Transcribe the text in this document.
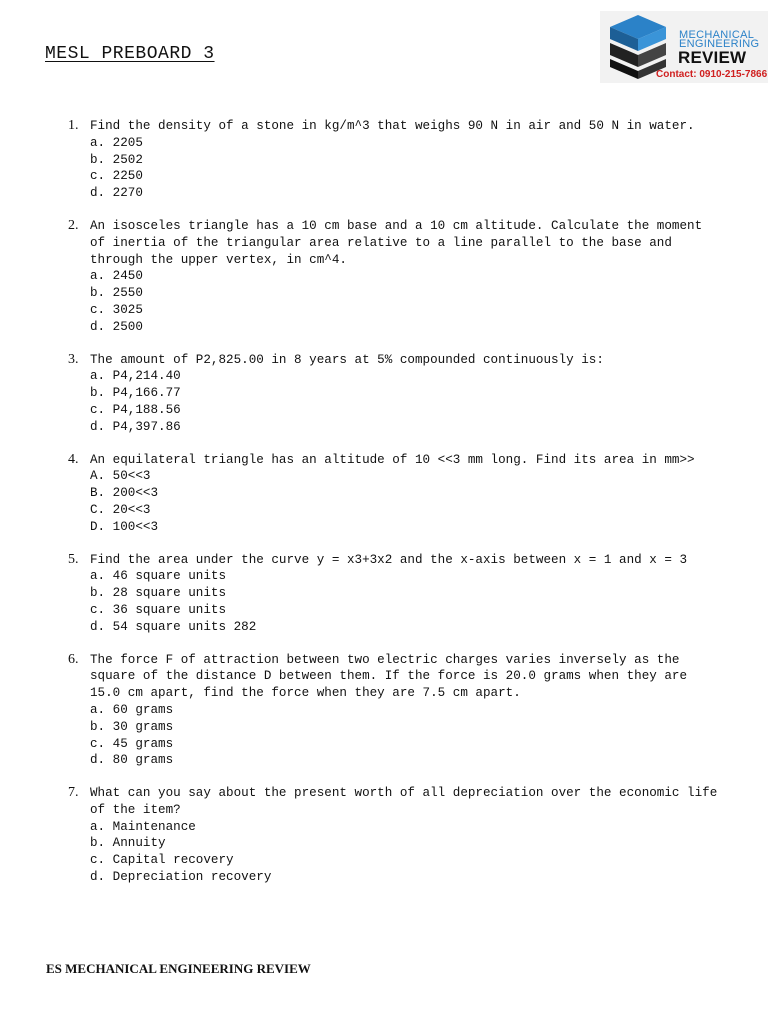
MESL PREBOARD 3
MECHANICAL
ENGINEERING
REVIEW
Contact: 0910-215-7866
1. Find the density of a stone in kg/m^3 that weighs 90 N in air and 50 N in water.
a. 2205
b. 2502
c. 2250
d. 2270
2. An isosceles triangle has a 10 cm base and a 10 cm altitude. Calculate the moment of inertia of the triangular area relative to a line parallel to the base and through the upper vertex, in cm^4.
a. 2450
b. 2550
c. 3025
d. 2500
3. The amount of P2,825.00 in 8 years at 5% compounded continuously is:
a. P4,214.40
b. P4,166.77
c. P4,188.56
d. P4,397.86
4. An equilateral triangle has an altitude of 10 <<3 mm long. Find its area in mm>>
A. 50<<3
B. 200<<3
C. 20<<3
D. 100<<3
5. Find the area under the curve y = x3+3x2 and the x-axis between x = 1 and x = 3
a. 46 square units
b. 28 square units
c. 36 square units
d. 54 square units 282
6. The force F of attraction between two electric charges varies inversely as the square of the distance D between them. If the force is 20.0 grams when they are 15.0 cm apart, find the force when they are 7.5 cm apart.
a. 60 grams
b. 30 grams
c. 45 grams
d. 80 grams
7. What can you say about the present worth of all depreciation over the economic life of the item?
a. Maintenance
b. Annuity
c. Capital recovery
d. Depreciation recovery
ES MECHANICAL ENGINEERING REVIEW
